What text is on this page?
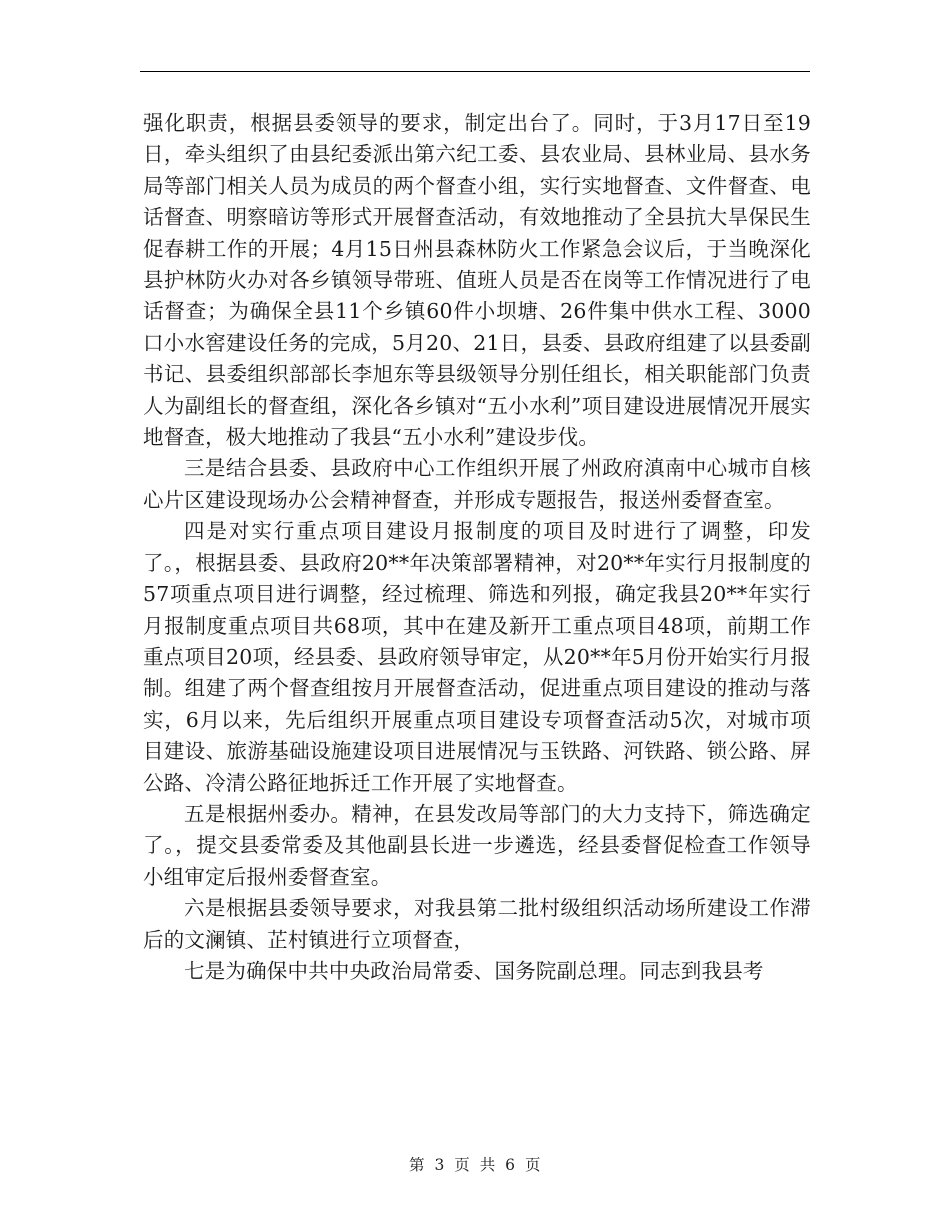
强化职责，根据县委领导的要求，制定出台了。同时，于3月17日至19日，牵头组织了由县纪委派出第六纪工委、县农业局、县林业局、县水务局等部门相关人员为成员的两个督查小组，实行实地督查、文件督查、电话督查、明察暗访等形式开展督查活动，有效地推动了全县抗大旱保民生促春耕工作的开展；4月15日州县森林防火工作紧急会议后，于当晚深化县护林防火办对各乡镇领导带班、值班人员是否在岗等工作情况进行了电话督查；为确保全县11个乡镇60件小坝塘、26件集中供水工程、3000口小水窖建设任务的完成，5月20、21日，县委、县政府组建了以县委副书记、县委组织部部长李旭东等县级领导分别任组长，相关职能部门负责人为副组长的督查组，深化各乡镇对“五小水利”项目建设进展情况开展实地督查，极大地推动了我县“五小水利”建设步伐。

三是结合县委、县政府中心工作组织开展了州政府滇南中心城市自核心片区建设现场办公会精神督查，并形成专题报告，报送州委督查室。

四是对实行重点项目建设月报制度的项目及时进行了调整，印发了。，根据县委、县政府20**年决策部署精神，对20**年实行月报制度的57项重点项目进行调整，经过梳理、筛选和列报，确定我县20**年实行月报制度重点项目共68项，其中在建及新开工重点项目48项，前期工作重点项目20项，经县委、县政府领导审定，从20**年5月份开始实行月报制。组建了两个督查组按月开展督查活动，促进重点项目建设的推动与落实，6月以来，先后组织开展重点项目建设专项督查活动5次，对城市项目建设、旅游基础设施建设项目进展情况与玉铁路、河铁路、锁公路、屏公路、冷清公路征地拆迁工作开展了实地督查。

五是根据州委办。精神，在县发改局等部门的大力支持下，筛选确定了。，提交县委常委及其他副县长进一步遴选，经县委督促检查工作领导小组审定后报州委督查室。

六是根据县委领导要求，对我县第二批村级组织活动场所建设工作滞后的文澜镇、芷村镇进行立项督查，

七是为确保中共中央政治局常委、国务院副总理。同志到我县考

第 3 页 共 6 页
